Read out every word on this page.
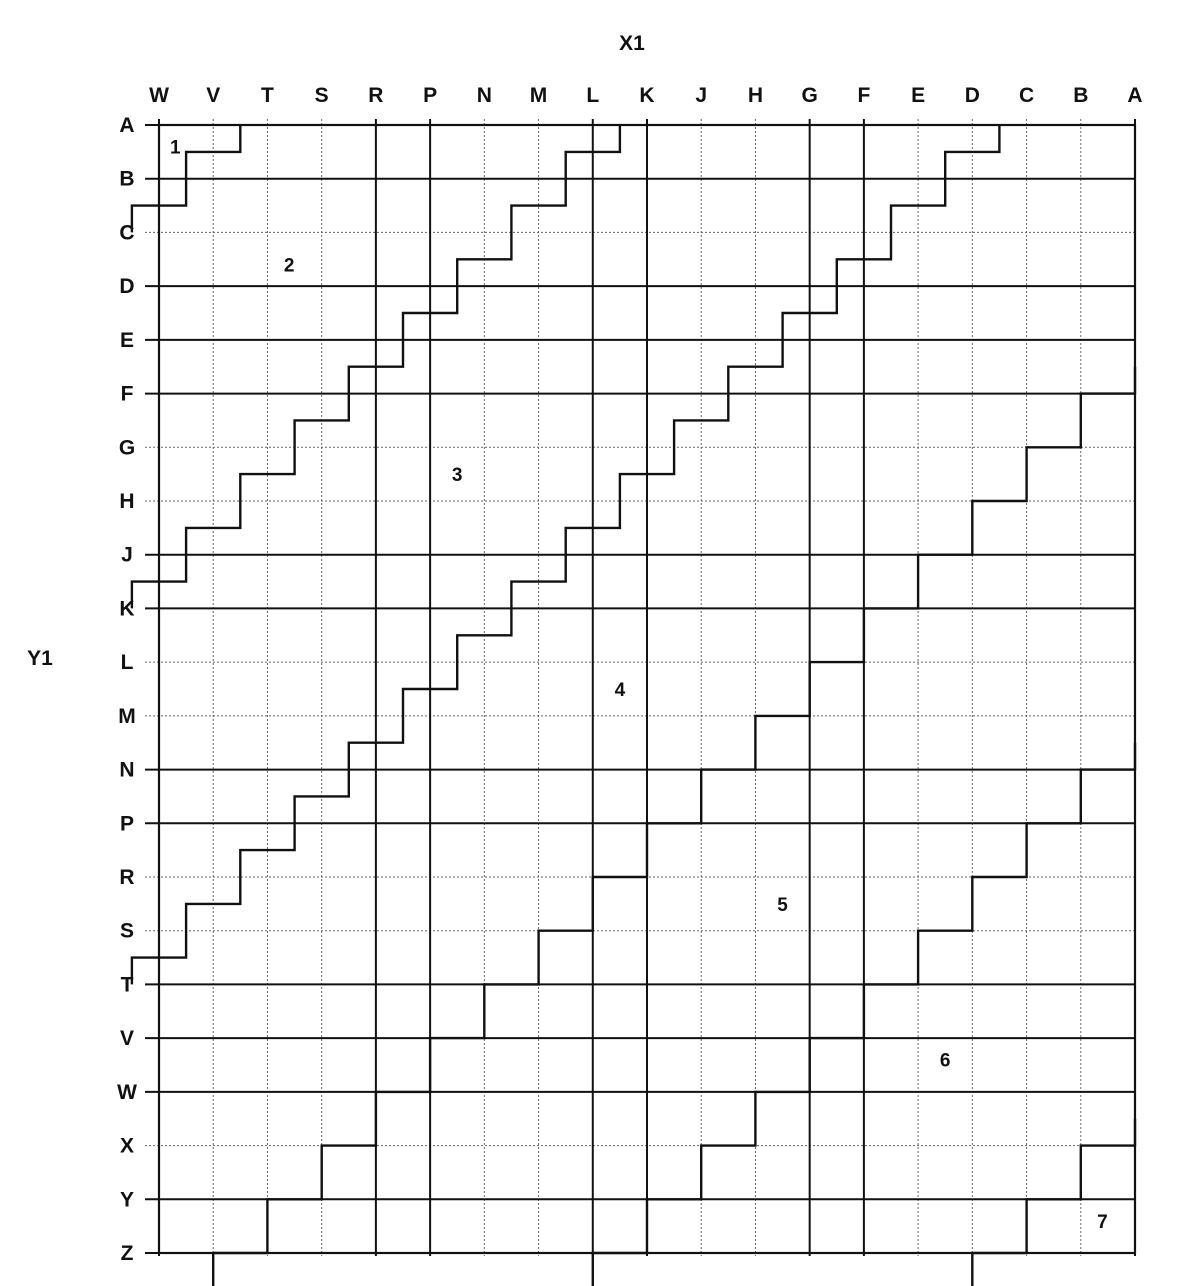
X1
Y1
W V T S R P N M L K J H G F E D C B A
A
B
C
D
E
F
G
H
J
K
L
M
N
P
R
S
T
V
W
X
Y
Z
1
2
3
4
5
6
7
